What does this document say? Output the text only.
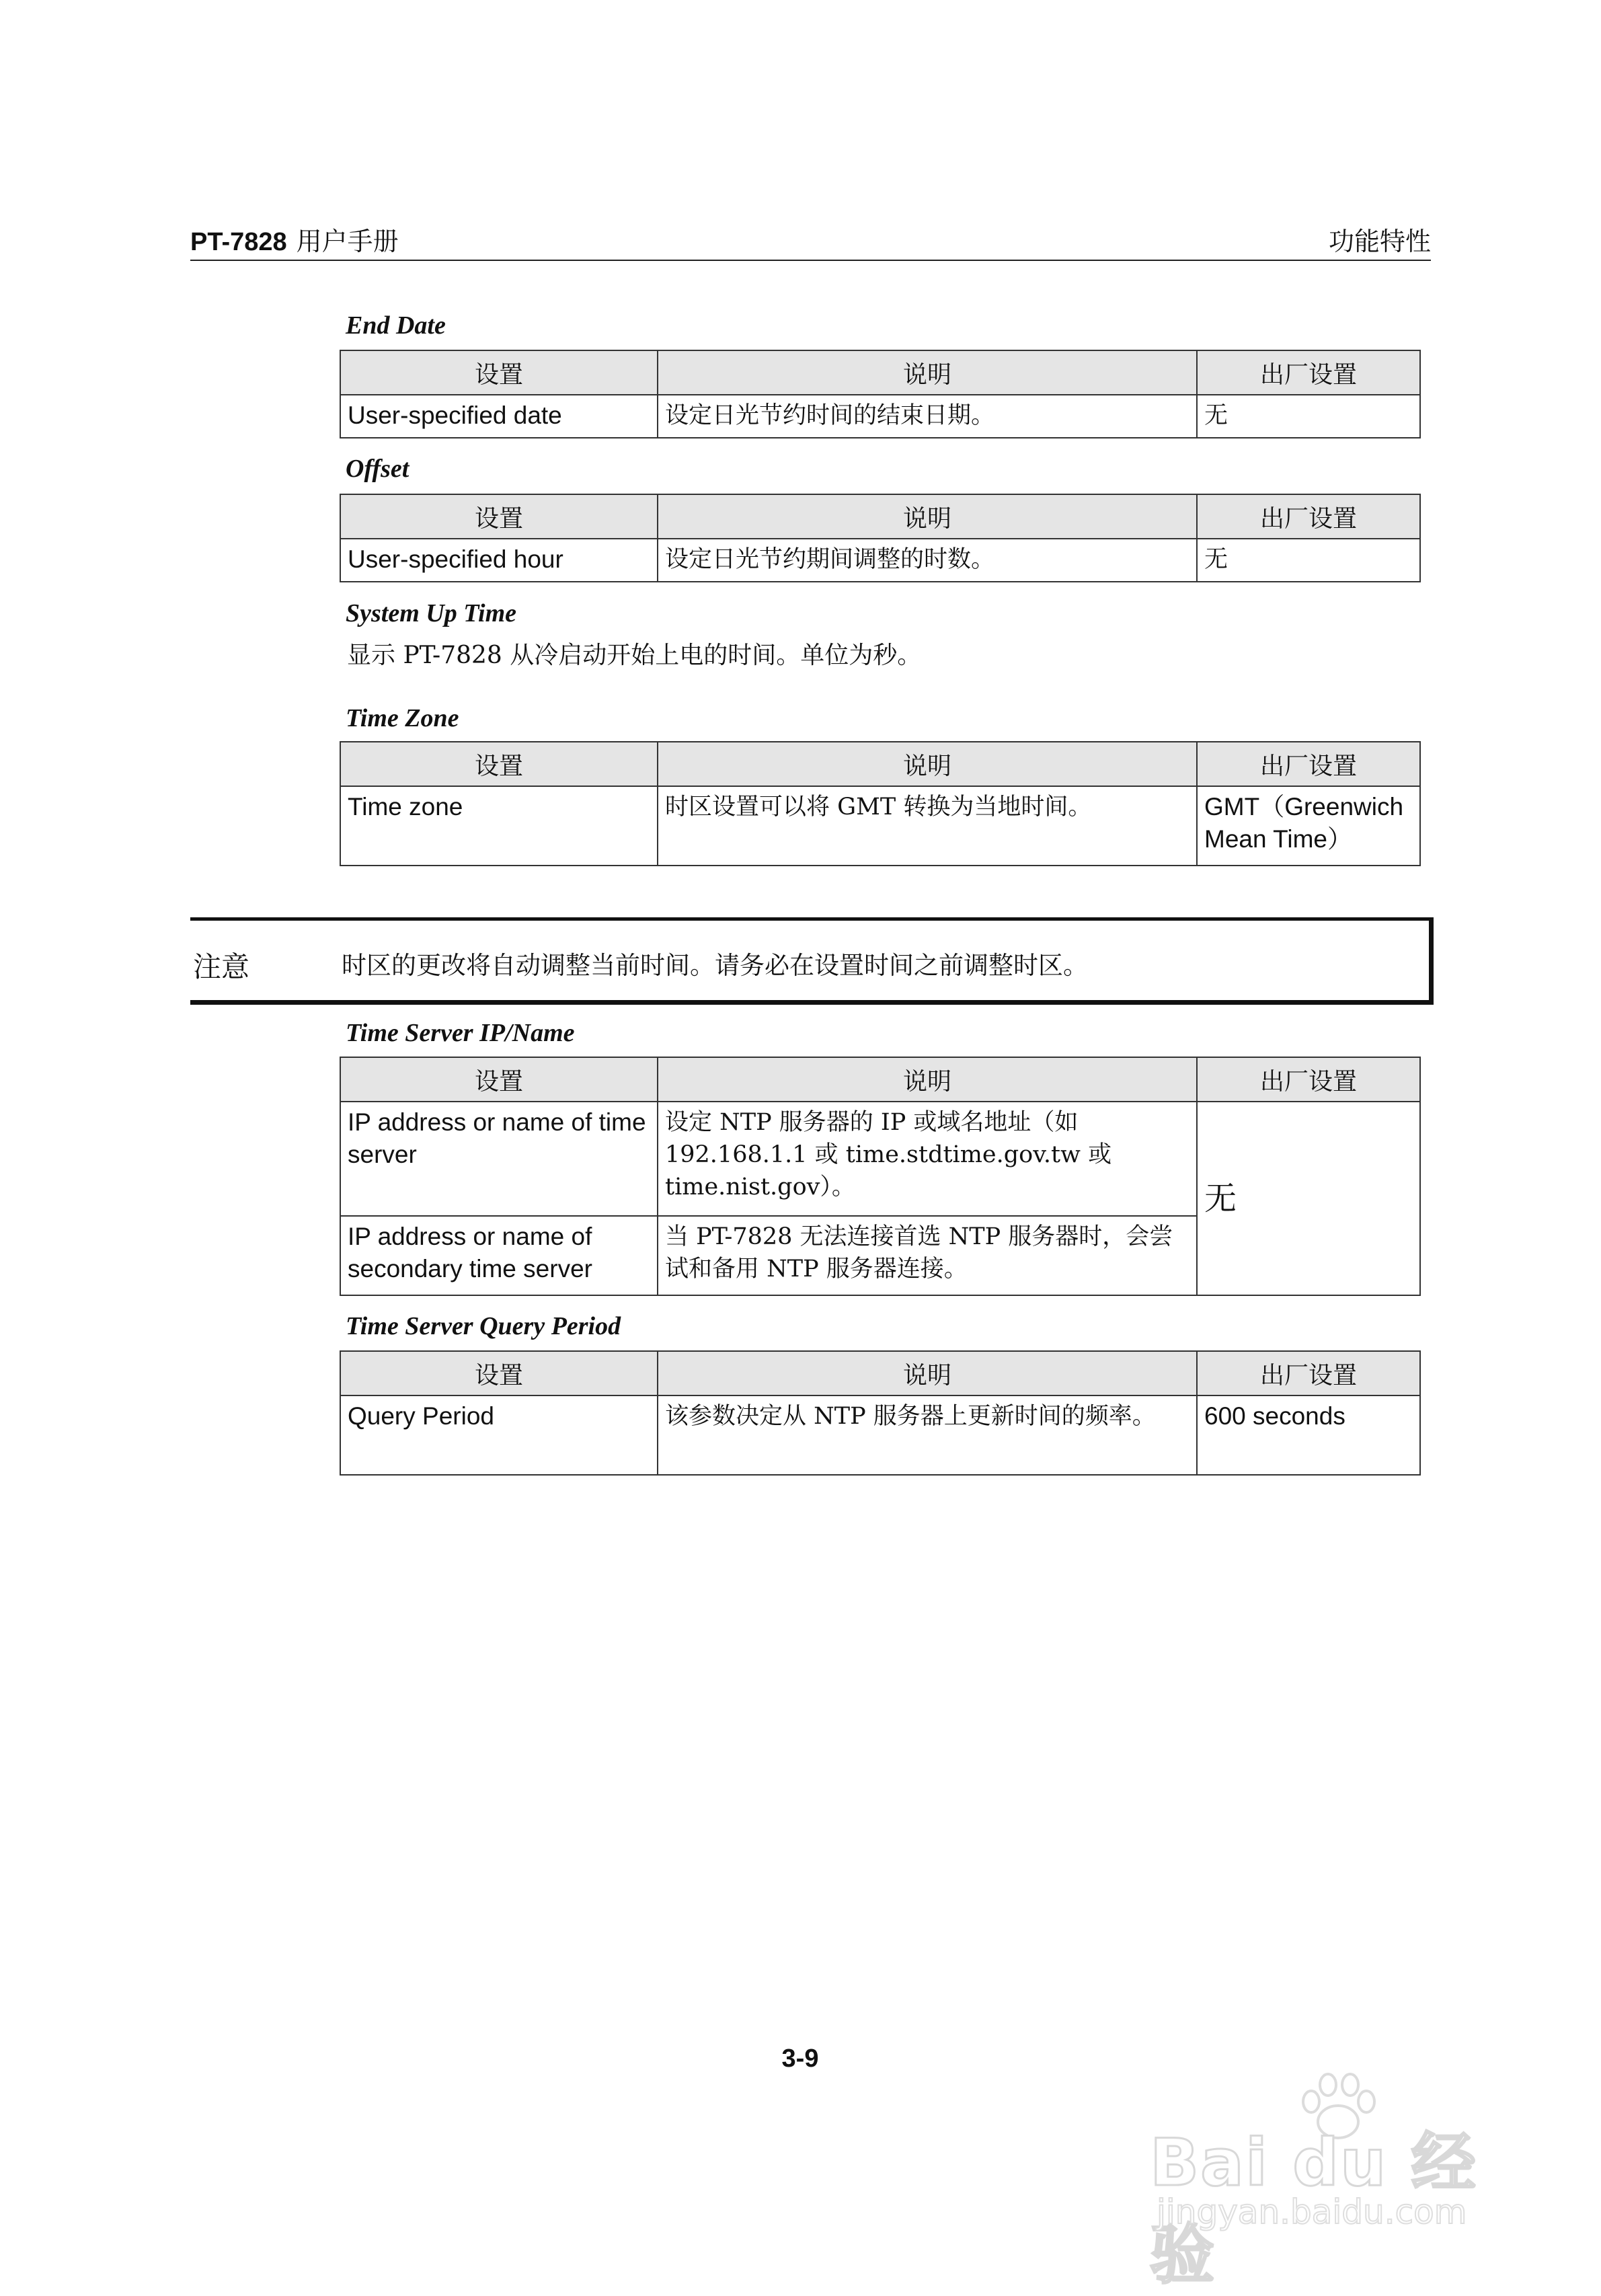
PT-7828 用户手册	功能特性
End Date
设置	说明	出厂设置
User-specified date	设定日光节约时间的结束日期。	无
Offset
设置	说明	出厂设置
User-specified hour	设定日光节约期间调整的时数。	无
System Up Time
显示 PT-7828 从冷启动开始上电的时间。单位为秒。
Time Zone
设置	说明	出厂设置
Time zone	时区设置可以将 GMT 转换为当地时间。	GMT（Greenwich Mean Time）
注意	时区的更改将自动调整当前时间。请务必在设置时间之前调整时区。
Time Server IP/Name
设置	说明	出厂设置
IP address or name of time server	设定 NTP 服务器的 IP 或域名地址（如 192.168.1.1 或 time.stdtime.gov.tw 或 time.nist.gov）。	无
IP address or name of secondary time server	当 PT-7828 无法连接首选 NTP 服务器时，会尝试和备用 NTP 服务器连接。	
Time Server Query Period
设置	说明	出厂设置
Query Period	该参数决定从 NTP 服务器上更新时间的频率。	600 seconds
3-9
Bai du 经验
jingyan.baidu.com
